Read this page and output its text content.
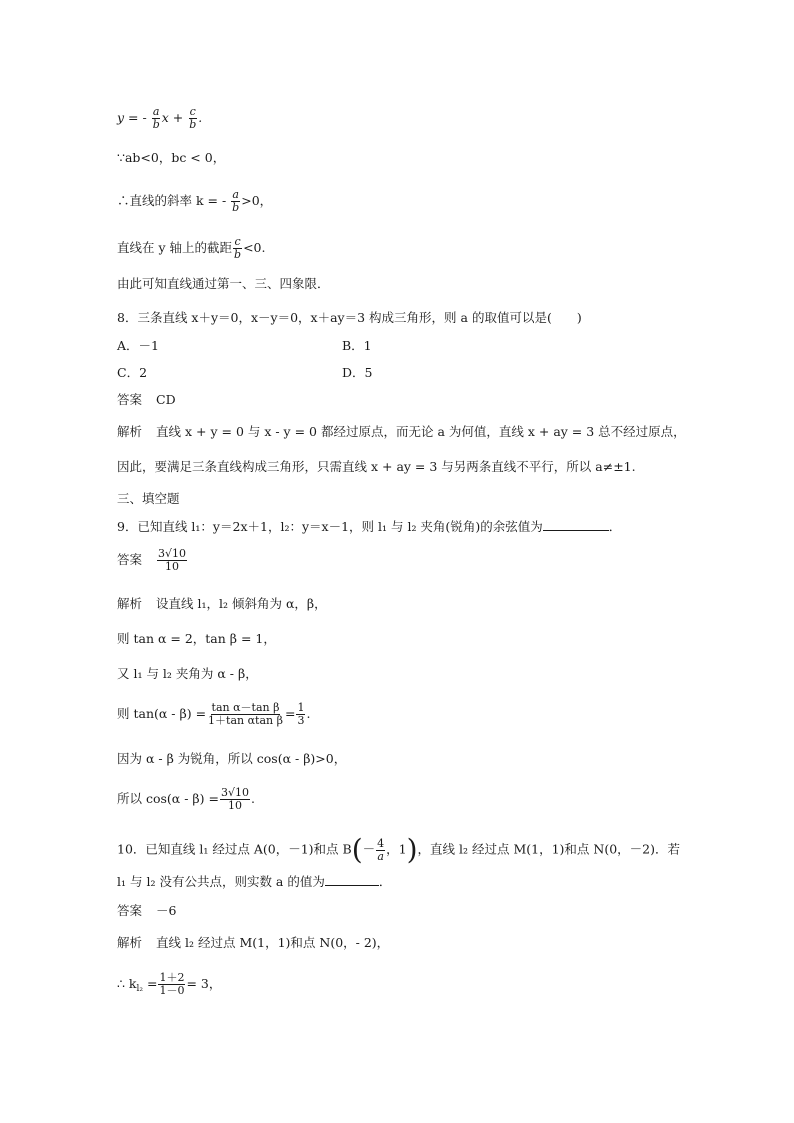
y = - $\frac{a}{b}$ $x + \frac{c}{b}$ .
∵ab<0，bc < 0，
∴直线的斜率 k = - $\frac{a}{b} >0$，
直线在 y 轴上的截距 $\frac{c}{b} <0$.
由此可知直线通过第一、三、四象限．
8．三条直线 x＋y＝0，x－y＝0，x＋ay＝3 构成三角形，则 a 的取值可以是(　　)
A．－1	B．1
C．2	D．5
答案 CD
解析 直线 x + y = 0 与 x - y = 0 都经过原点，而无论 a 为何值，直线 x + ay = 3 总不经过原点，
因此，要满足三条直线构成三角形，只需直线 x + ay = 3 与另两条直线不平行，所以 a≠±1.
三、填空题
9．已知直线 l₁：y＝2x＋1，l₂：y＝x－1，则 l₁ 与 l₂ 夹角(锐角)的余弦值为	．
答案 $\frac{3√10}{10}$
解析 设直线 l₁，l₂ 倾斜角为 α，β，
则 tan α = 2，tan β = 1，
又 l₁ 与 l₂ 夹角为 α - β，
则 $\tan(\alpha - \beta) = \frac{\text{tan α－tan β}}{\text{1＋tan αtan β}} = \frac{1}{3}$ .
因为 α - β 为锐角，所以 cos(α - β)>0，
所以 $\cos(\alpha - \beta) = \frac{3√10}{10}$ .
10．已知直线 l₁ 经过点 A(0，－1)和点 $B(- \frac{4}{a}$ ，1)，直线 l₂ 经过点 M(1，1)和点 N(0，－2)．若
l₁ 与 l₂ 没有公共点，则实数 a 的值为	．
答案 －6
解析 直线 l₂ 经过点 M(1，1)和点 N(0，- 2)，
∴ $k_{l_2} = \frac{1+2}{1-0} = 3$，
